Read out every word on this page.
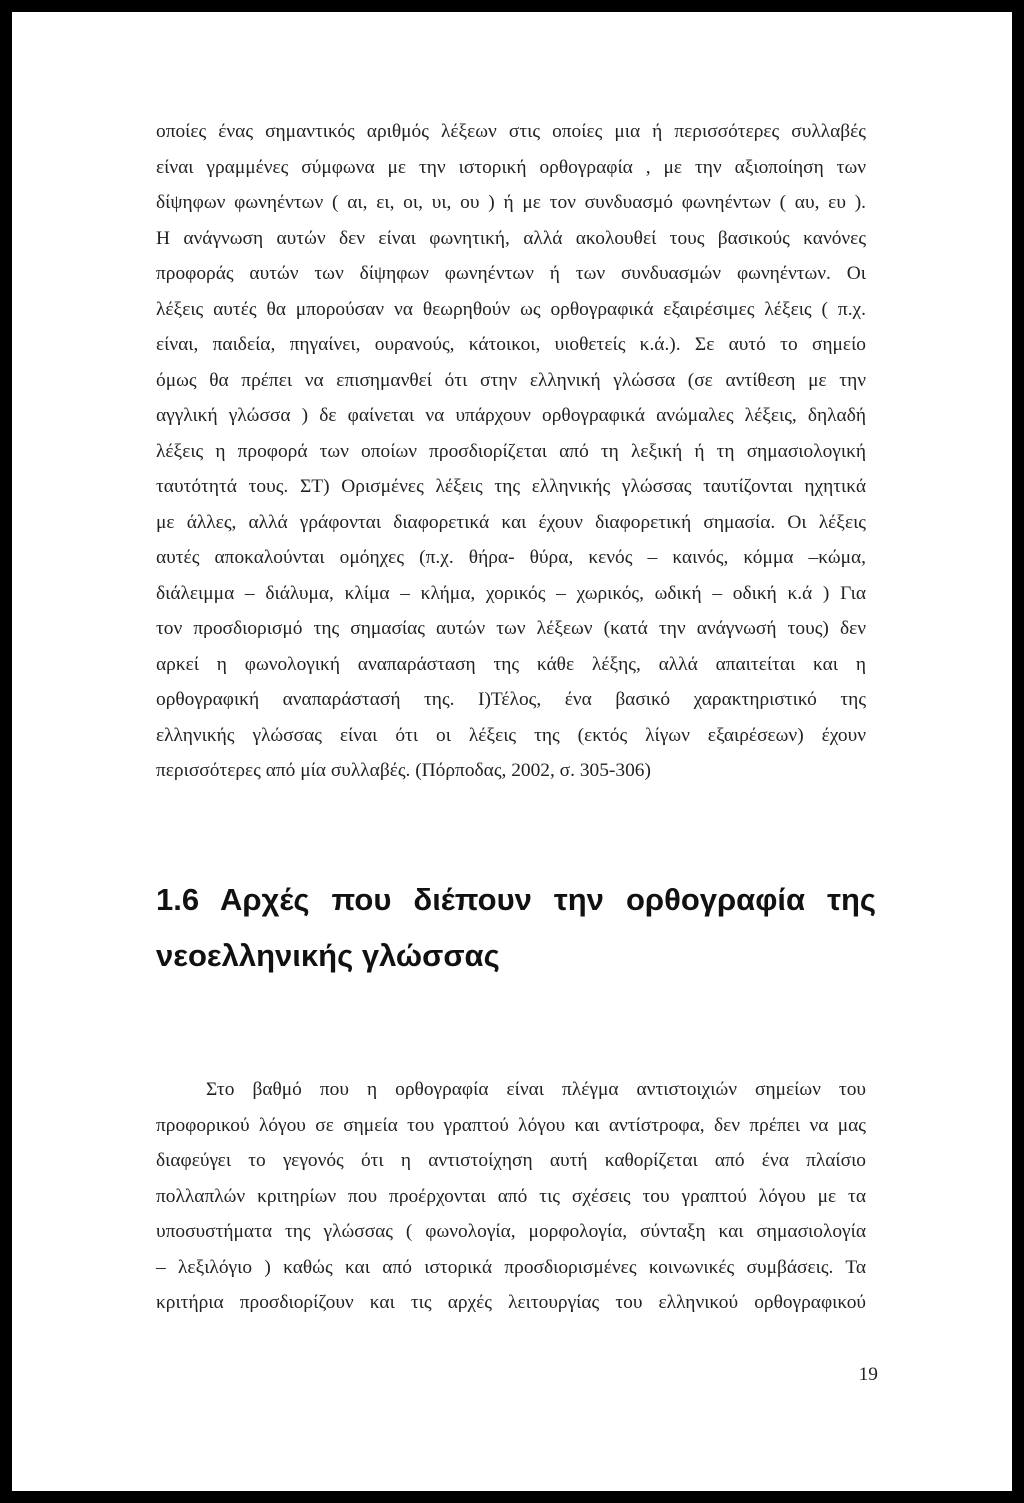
οποίες ένας σημαντικός αριθμός λέξεων στις οποίες μια ή περισσότερες συλλαβές
είναι γραμμένες σύμφωνα με την ιστορική ορθογραφία , με την αξιοποίηση των
δίψηφων φωνηέντων ( αι, ει, οι, υι, ου ) ή με τον συνδυασμό φωνηέντων ( αυ, ευ ).
Η ανάγνωση αυτών δεν είναι φωνητική, αλλά ακολουθεί τους βασικούς κανόνες
προφοράς αυτών των δίψηφων φωνηέντων ή των συνδυασμών φωνηέντων. Οι
λέξεις αυτές θα μπορούσαν να θεωρηθούν ως ορθογραφικά εξαιρέσιμες λέξεις ( π.χ.
είναι, παιδεία, πηγαίνει, ουρανούς, κάτοικοι, υιοθετείς κ.ά.). Σε αυτό το σημείο
όμως θα πρέπει να επισημανθεί ότι στην ελληνική γλώσσα (σε αντίθεση με την
αγγλική γλώσσα ) δε φαίνεται να υπάρχουν ορθογραφικά ανώμαλες λέξεις, δηλαδή
λέξεις η προφορά των οποίων προσδιορίζεται από τη λεξική ή τη σημασιολογική
ταυτότητά τους. ΣΤ) Ορισμένες λέξεις της ελληνικής γλώσσας ταυτίζονται ηχητικά
με άλλες, αλλά γράφονται διαφορετικά και έχουν διαφορετική σημασία. Οι λέξεις
αυτές αποκαλούνται ομόηχες (π.χ. θήρα- θύρα, κενός – καινός, κόμμα –κώμα,
διάλειμμα – διάλυμα, κλίμα – κλήμα, χορικός – χωρικός, ωδική – οδική κ.ά ) Για
τον προσδιορισμό της σημασίας αυτών των λέξεων (κατά την ανάγνωσή τους) δεν
αρκεί η φωνολογική αναπαράσταση της κάθε λέξης, αλλά απαιτείται και η
ορθογραφική αναπαράστασή της. Ι)Τέλος, ένα βασικό χαρακτηριστικό της
ελληνικής γλώσσας είναι ότι οι λέξεις της (εκτός λίγων εξαιρέσεων) έχουν
περισσότερες από μία συλλαβές. (Πόρποδας, 2002, σ. 305-306)
1.6 Αρχές που διέπουν την ορθογραφία της
νεοελληνικής γλώσσας
Στο βαθμό που η ορθογραφία είναι πλέγμα αντιστοιχιών σημείων του
προφορικού λόγου σε σημεία του γραπτού λόγου και αντίστροφα, δεν πρέπει να μας
διαφεύγει το γεγονός ότι η αντιστοίχηση αυτή καθορίζεται από ένα πλαίσιο
πολλαπλών κριτηρίων που προέρχονται από τις σχέσεις του γραπτού λόγου με τα
υποσυστήματα της γλώσσας ( φωνολογία, μορφολογία, σύνταξη και σημασιολογία
– λεξιλόγιο ) καθώς και από ιστορικά προσδιορισμένες κοινωνικές συμβάσεις. Τα
κριτήρια προσδιορίζουν και τις αρχές λειτουργίας του ελληνικού ορθογραφικού
19
